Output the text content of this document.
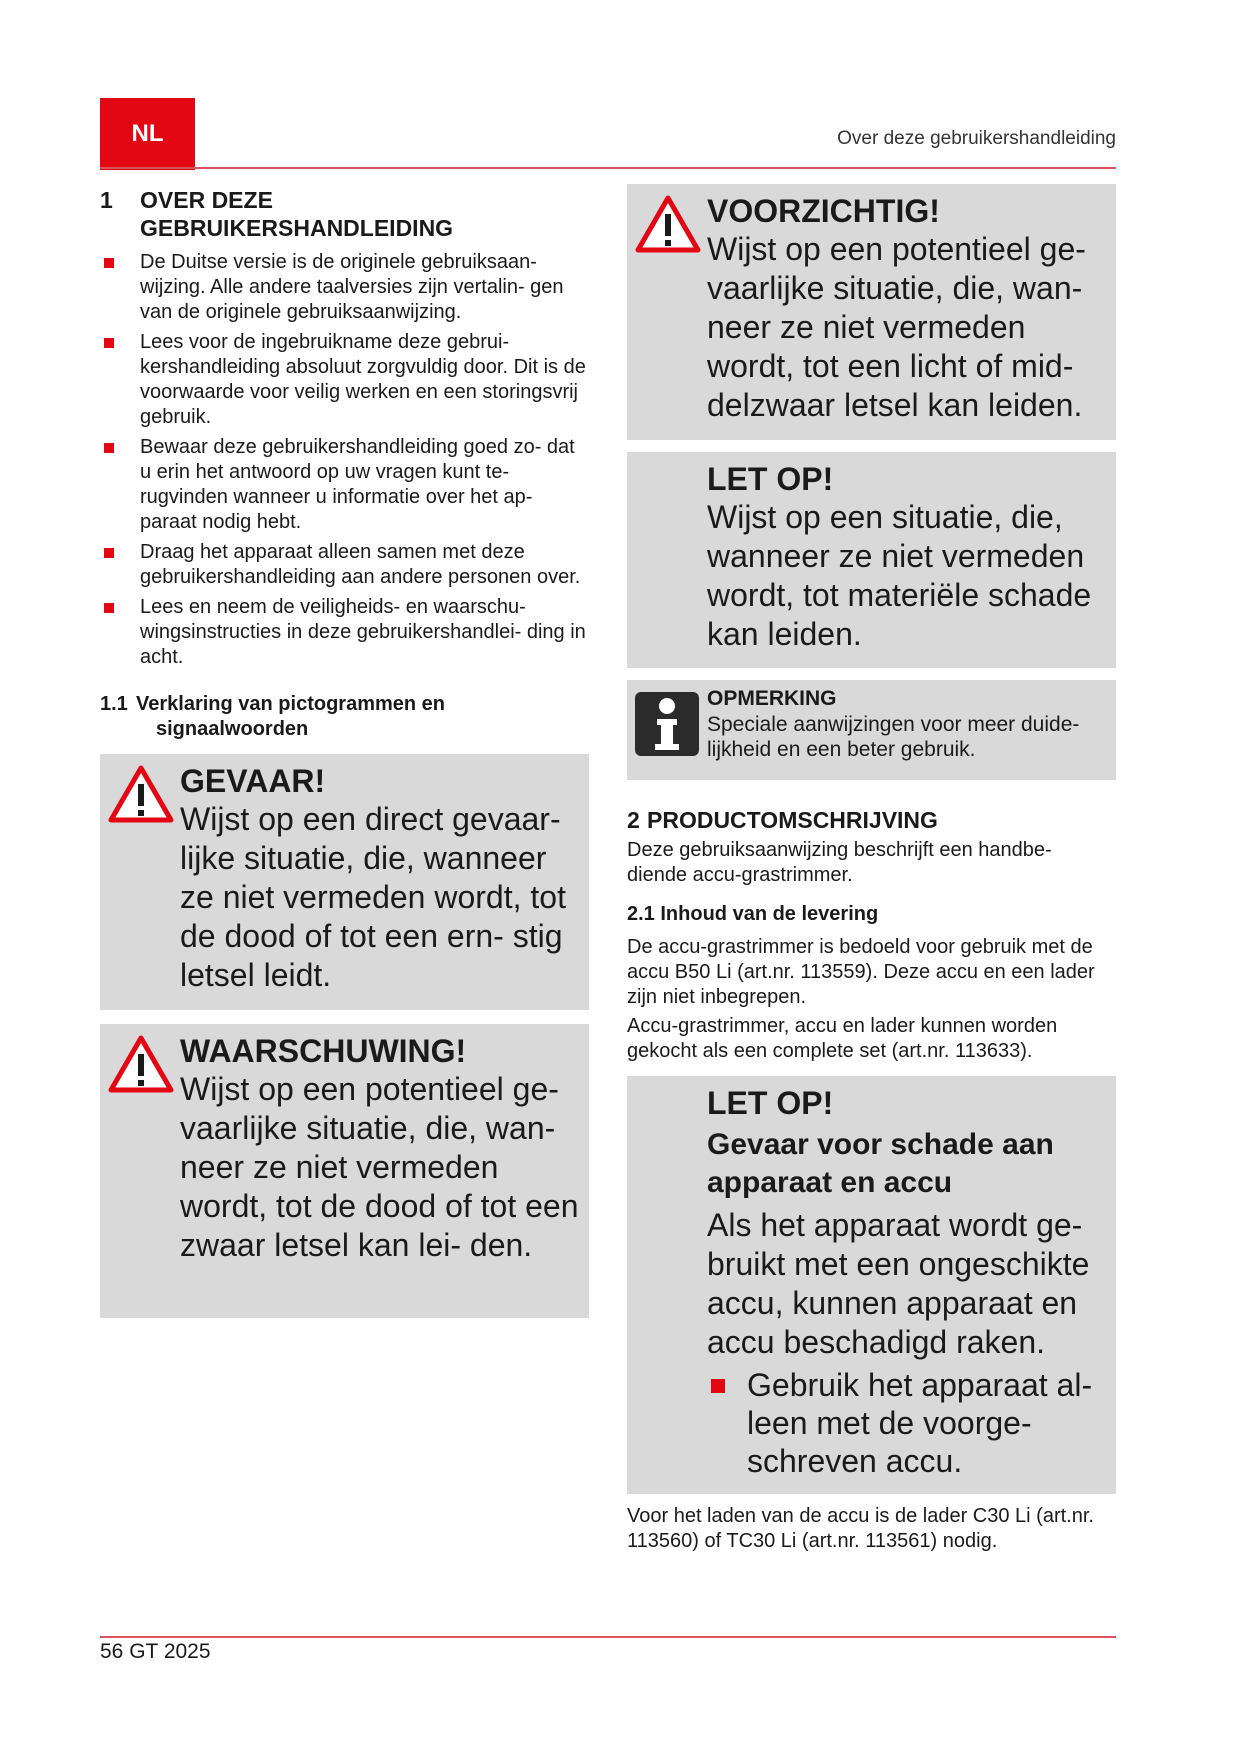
NL	Over deze gebruikershandleiding
1	OVER DEZE
GEBRUIKERSHANDLEIDING
De Duitse versie is de originele gebruiksaan- wijzing. Alle andere taalversies zijn vertalin- gen van de originele gebruiksaanwijzing.
Lees voor de ingebruikname deze gebrui- kershandleiding absoluut zorgvuldig door. Dit is de voorwaarde voor veilig werken en een storingsvrij gebruik.
Bewaar deze gebruikershandleiding goed zo- dat u erin het antwoord op uw vragen kunt te- rugvinden wanneer u informatie over het ap- paraat nodig hebt.
Draag het apparaat alleen samen met deze gebruikershandleiding aan andere personen over.
Lees en neem de veiligheids- en waarschu- wingsinstructies in deze gebruikershandlei- ding in acht.
1.1 Verklaring van pictogrammen en
signaalwoorden
GEVAAR!
Wijst op een direct gevaar- lijke situatie, die, wanneer ze niet vermeden wordt, tot de dood of tot een ern- stig letsel leidt.
WAARSCHUWING!
Wijst op een potentieel ge- vaarlijke situatie, die, wan- neer ze niet vermeden wordt, tot de dood of tot een zwaar letsel kan lei- den.
VOORZICHTIG!
Wijst op een potentieel ge- vaarlijke situatie, die, wan- neer ze niet vermeden wordt, tot een licht of mid- delzwaar letsel kan leiden.
LET OP!
Wijst op een situatie, die, wanneer ze niet vermeden wordt, tot materiële schade kan leiden.
OPMERKING
Speciale aanwijzingen voor meer duide- lijkheid en een beter gebruik.
2 PRODUCTOMSCHRIJVING

Deze gebruiksaanwijzing beschrijft een handbe- diende accu-grastrimmer.

2.1 Inhoud van de levering

De accu-grastrimmer is bedoeld voor gebruik met de accu B50 Li (art.nr. 113559). Deze accu en een lader zijn niet inbegrepen.

Accu-grastrimmer, accu en lader kunnen worden gekocht als een complete set (art.nr. 113633).

LET OP!
Gevaar voor schade aan apparaat en accu
Als het apparaat wordt ge- bruikt met een ongeschikte accu, kunnen apparaat en accu beschadigd raken.
Gebruik het apparaat al- leen met de voorge- schreven accu.

Voor het laden van de accu is de lader C30 Li (art.nr. 113560) of TC30 Li (art.nr. 113561) nodig.

56 GT 2025
